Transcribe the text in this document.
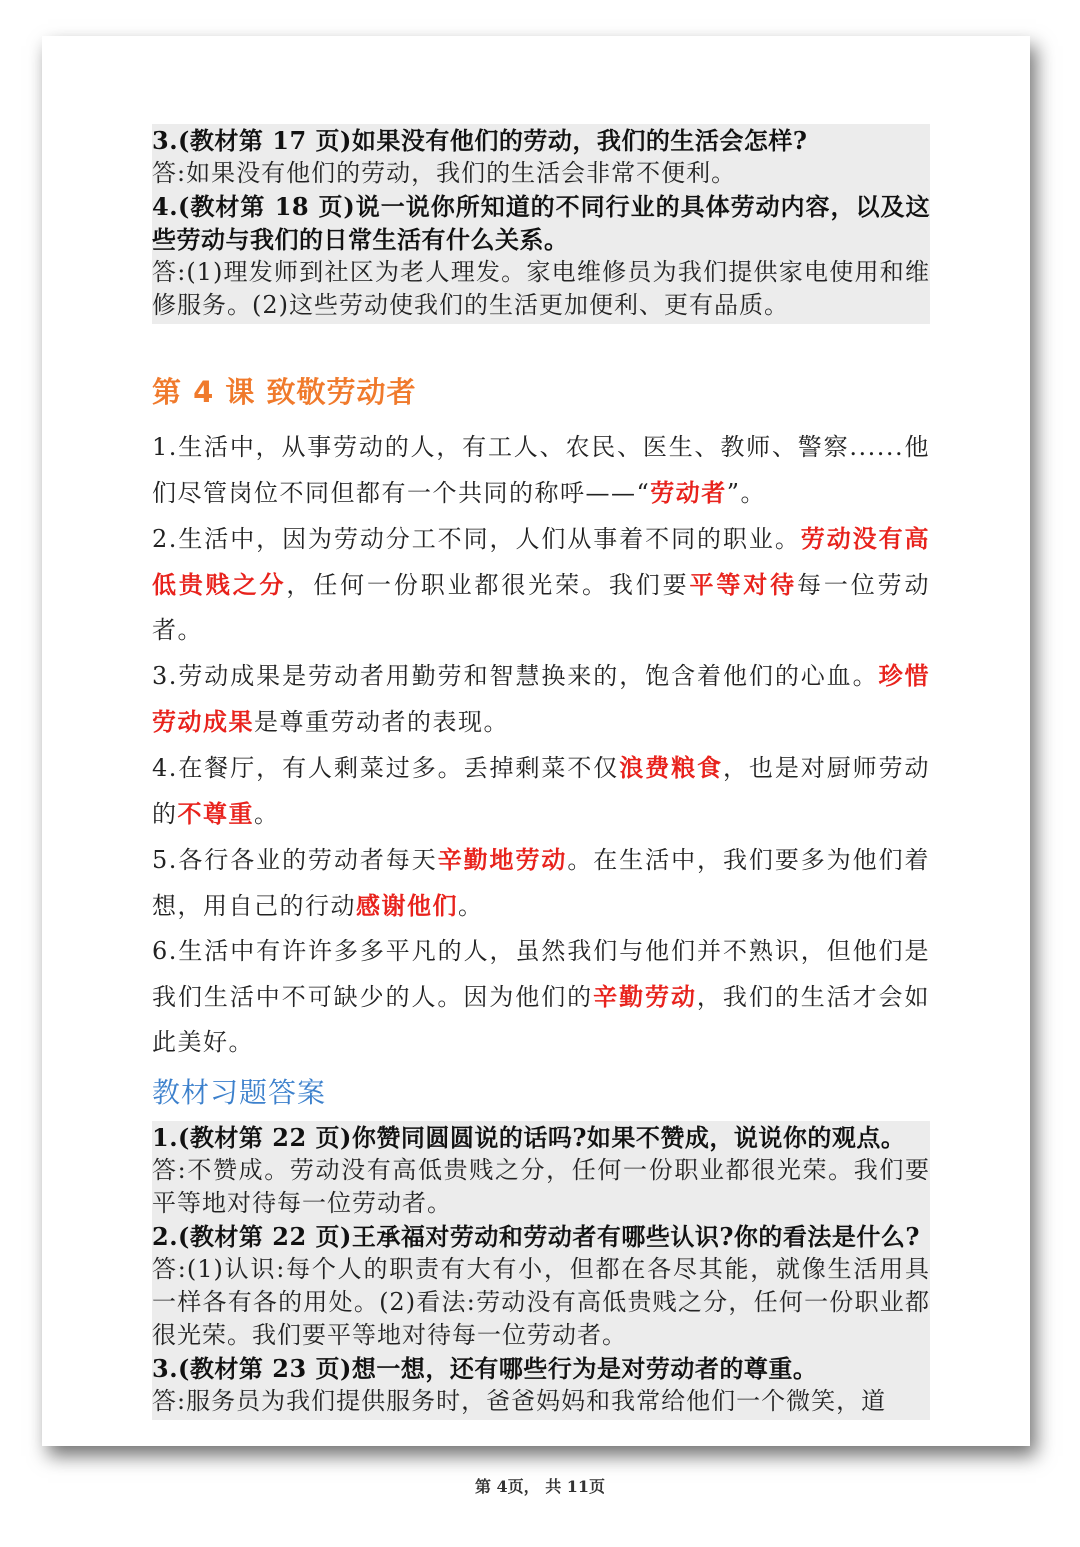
3.(教材第 17 页)如果没有他们的劳动，我们的生活会怎样?
答:如果没有他们的劳动，我们的生活会非常不便利。
4.(教材第 18 页)说一说你所知道的不同行业的具体劳动内容，以及这些劳动与我们的日常生活有什么关系。
答:(1)理发师到社区为老人理发。家电维修员为我们提供家电使用和维修服务。(2)这些劳动使我们的生活更加便利、更有品质。
第 4 课 致敬劳动者
1.生活中，从事劳动的人，有工人、农民、医生、教师、警察......他们尽管岗位不同但都有一个共同的称呼——“劳动者”。
2.生活中，因为劳动分工不同，人们从事着不同的职业。劳动没有高低贵贱之分，任何一份职业都很光荣。我们要平等对待每一位劳动者。
3.劳动成果是劳动者用勤劳和智慧换来的，饱含着他们的心血。珍惜劳动成果是尊重劳动者的表现。
4.在餐厅，有人剩菜过多。丢掉剩菜不仅浪费粮食，也是对厨师劳动的不尊重。
5.各行各业的劳动者每天辛勤地劳动。在生活中，我们要多为他们着想，用自己的行动感谢他们。
6.生活中有许许多多平凡的人，虽然我们与他们并不熟识，但他们是我们生活中不可缺少的人。因为他们的辛勤劳动，我们的生活才会如此美好。
教材习题答案
1.(教材第 22 页)你赞同圆圆说的话吗?如果不赞成，说说你的观点。
答:不赞成。劳动没有高低贵贱之分，任何一份职业都很光荣。我们要平等地对待每一位劳动者。
2.(教材第 22 页)王承福对劳动和劳动者有哪些认识?你的看法是什么?
答:(1)认识:每个人的职责有大有小，但都在各尽其能，就像生活用具一样各有各的用处。(2)看法:劳动没有高低贵贱之分，任何一份职业都很光荣。我们要平等地对待每一位劳动者。
3.(教材第 23 页)想一想，还有哪些行为是对劳动者的尊重。
答:服务员为我们提供服务时，爸爸妈妈和我常给他们一个微笑，道
第 4页， 共 11页
